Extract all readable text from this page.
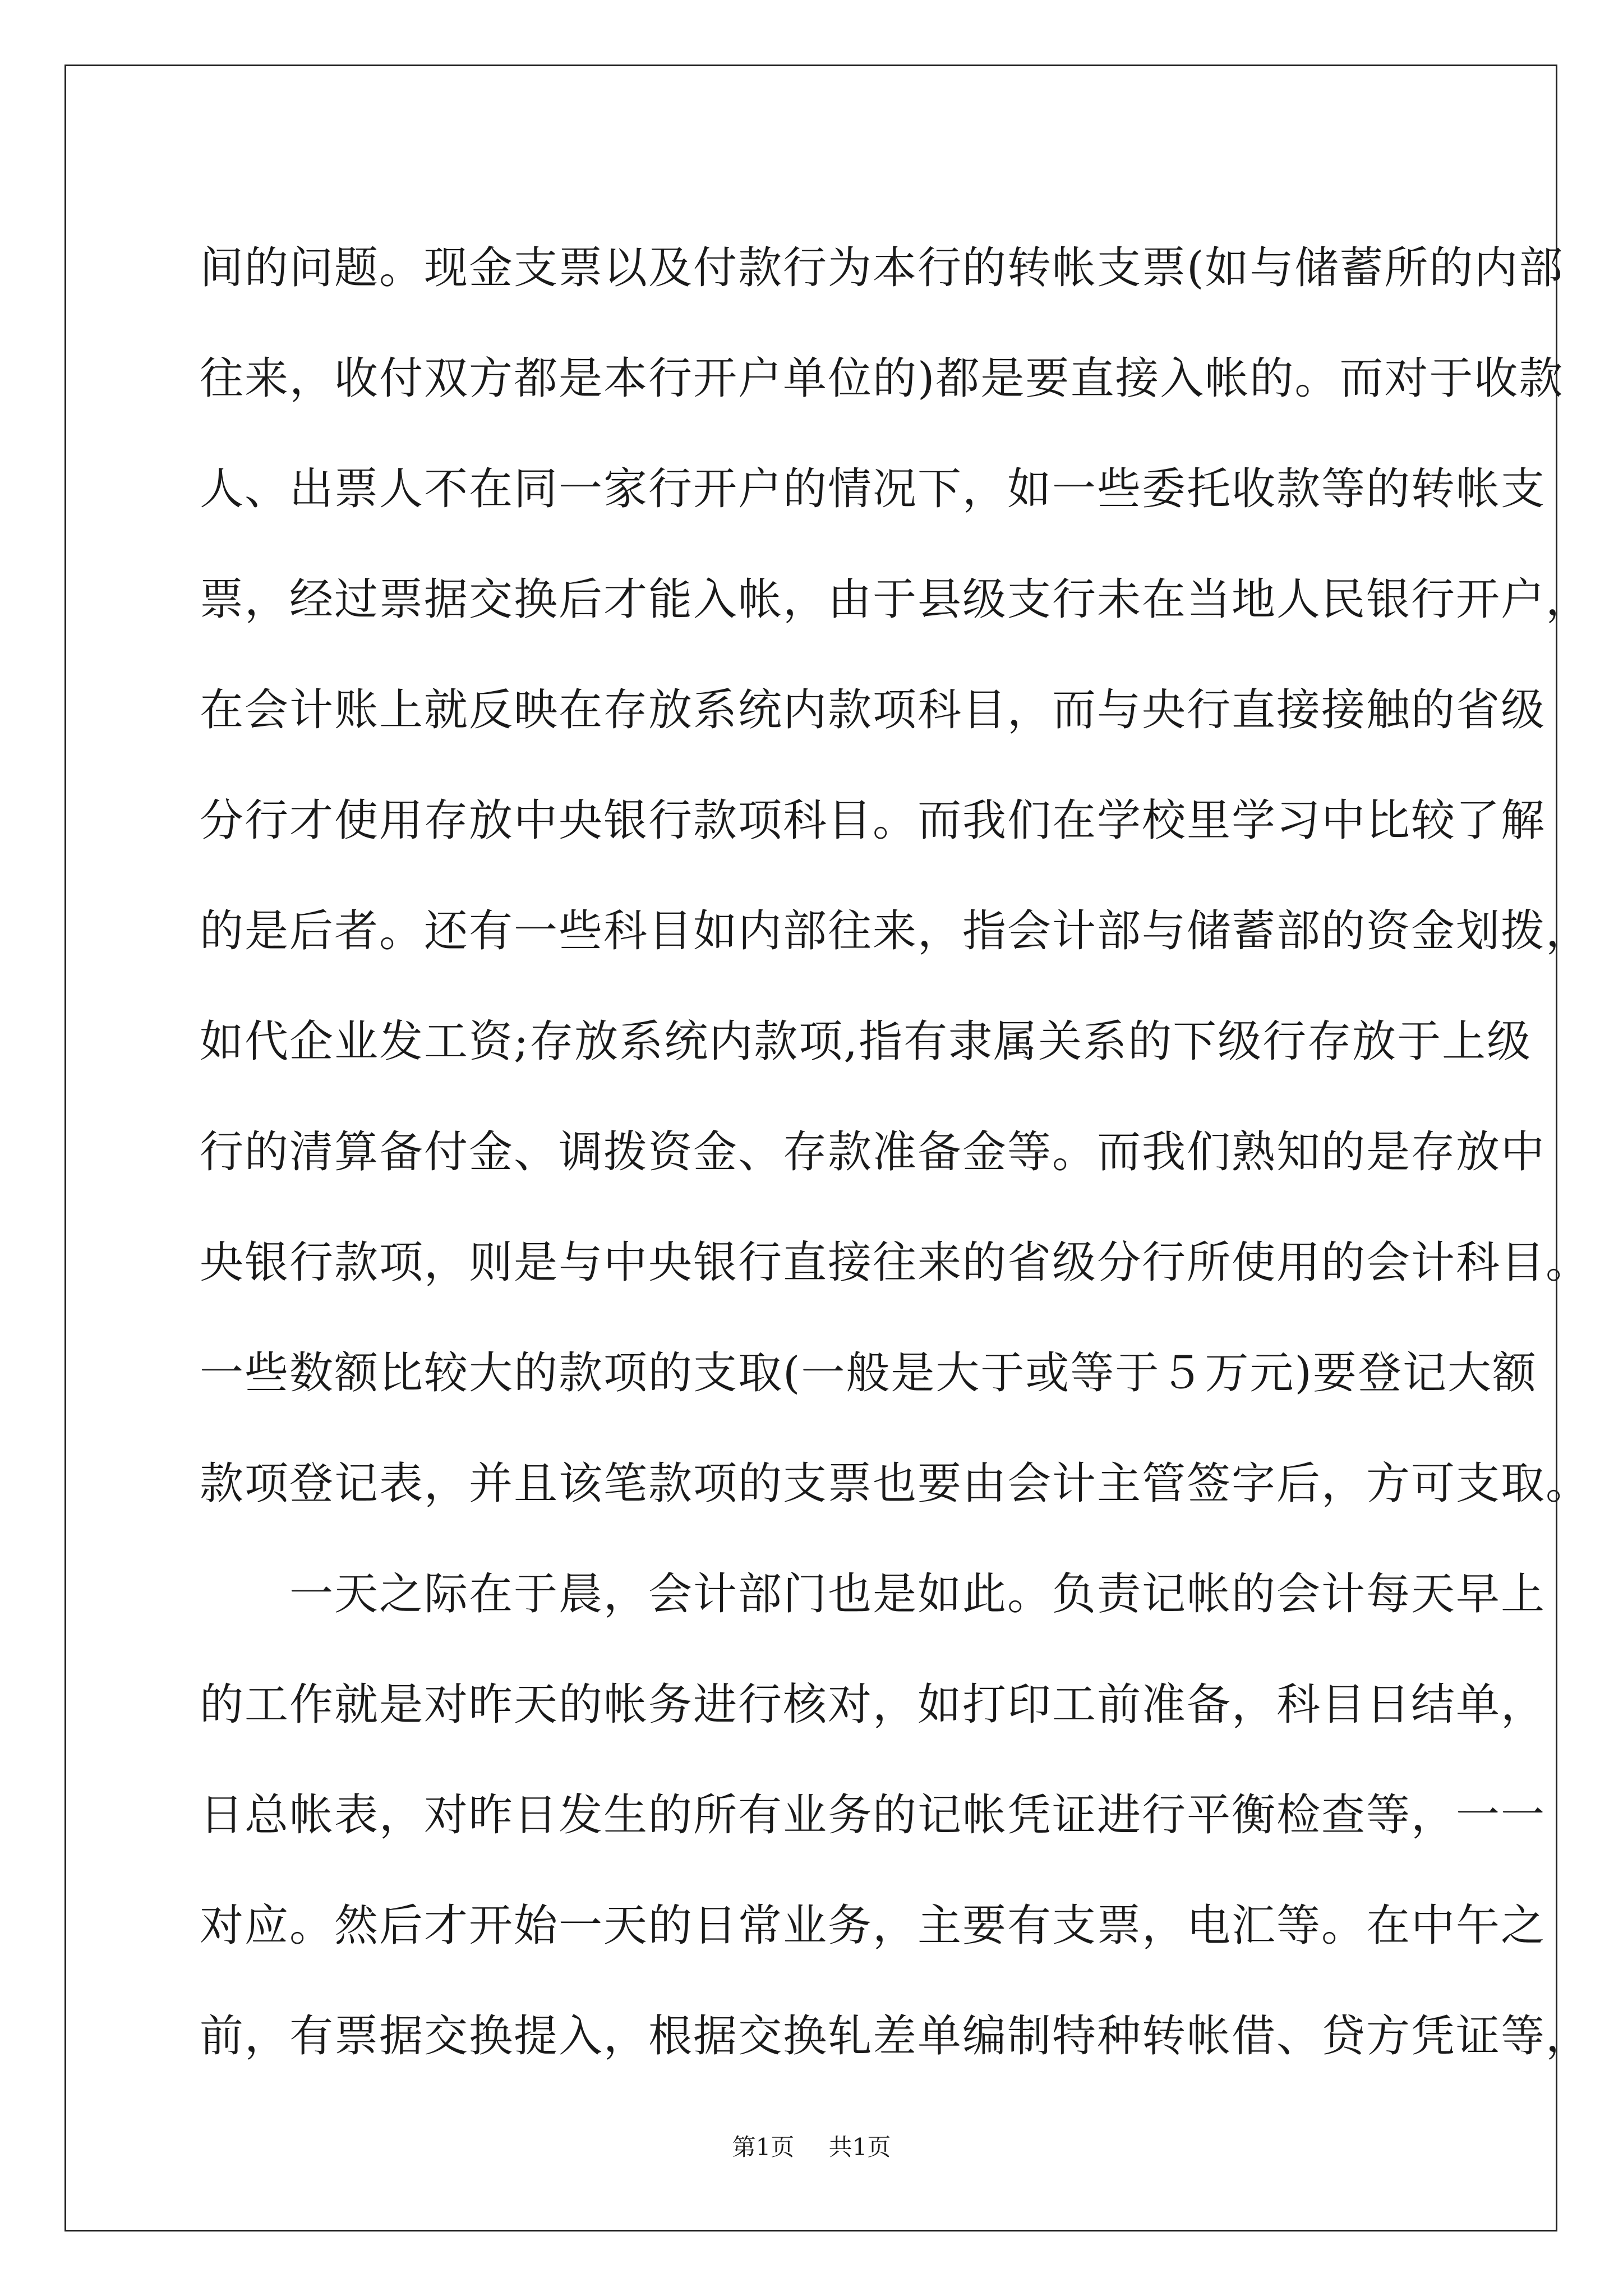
间的问题。现金支票以及付款行为本行的转帐支票(如与储蓄所的内部
往来，收付双方都是本行开户单位的)都是要直接入帐的。而对于收款
人、出票人不在同一家行开户的情况下，如一些委托收款等的转帐支
票，经过票据交换后才能入帐，由于县级支行未在当地人民银行开户，
在会计账上就反映在存放系统内款项科目，而与央行直接接触的省级
分行才使用存放中央银行款项科目。而我们在学校里学习中比较了解
的是后者。还有一些科目如内部往来，指会计部与储蓄部的资金划拨，
如代企业发工资;存放系统内款项,指有隶属关系的下级行存放于上级
行的清算备付金、调拨资金、存款准备金等。而我们熟知的是存放中
央银行款项，则是与中央银行直接往来的省级分行所使用的会计科目。
一些数额比较大的款项的支取(一般是大于或等于５万元)要登记大额
款项登记表，并且该笔款项的支票也要由会计主管签字后，方可支取。
　　一天之际在于晨，会计部门也是如此。负责记帐的会计每天早上
的工作就是对昨天的帐务进行核对，如打印工前准备，科目日结单，
日总帐表，对昨日发生的所有业务的记帐凭证进行平衡检查等，一一
对应。然后才开始一天的日常业务，主要有支票，电汇等。在中午之
前，有票据交换提入，根据交换轧差单编制特种转帐借、贷方凭证等，
第1页 共1页
